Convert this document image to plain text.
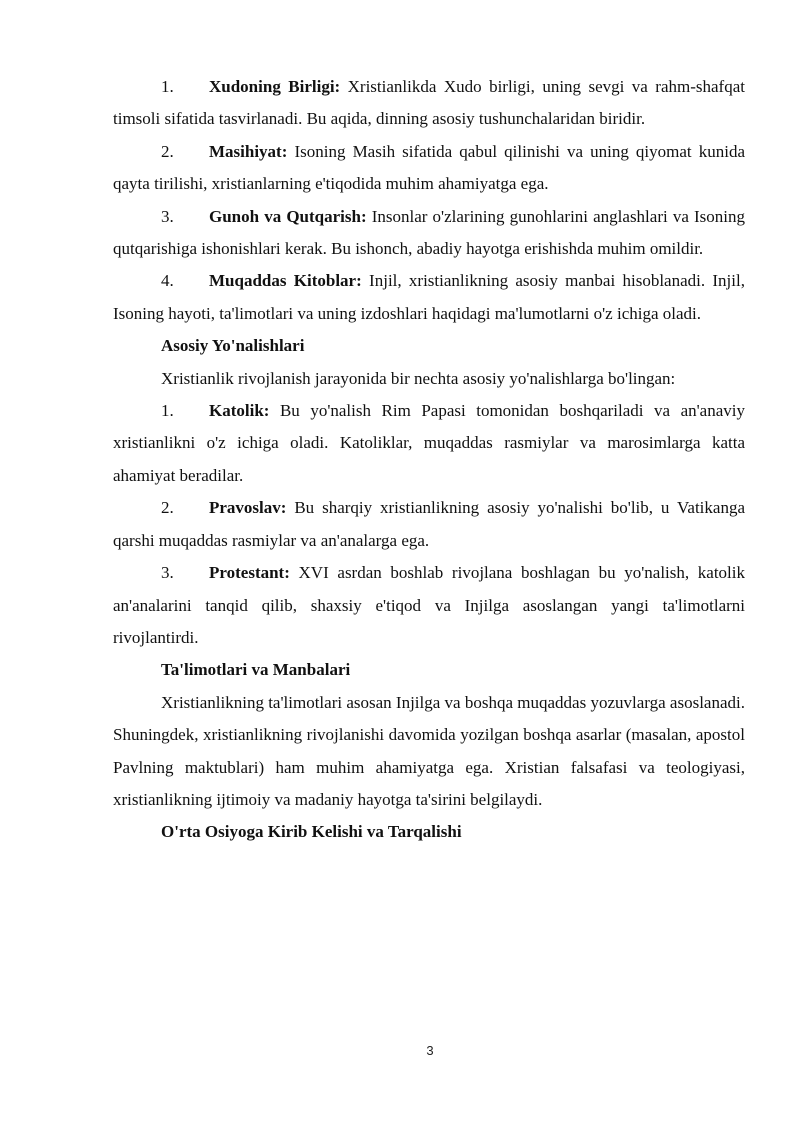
1. Xudoning Birligi: Xristianlikda Xudo birligi, uning sevgi va rahm-shafqat timsoli sifatida tasvirlanadi. Bu aqida, dinning asosiy tushunchalaridan biridir.

2. Masihiyat: Isoning Masih sifatida qabul qilinishi va uning qiyomat kunida qayta tirilishi, xristianlarning e'tiqodida muhim ahamiyatga ega.

3. Gunoh va Qutqarish: Insonlar o'zlarining gunohlarini anglashlari va Isoning qutqarishiga ishonishlari kerak. Bu ishonch, abadiy hayotga erishishda muhim omildir.

4. Muqaddas Kitoblar: Injil, xristianlikning asosiy manbai hisoblanadi. Injil, Isoning hayoti, ta'limotlari va uning izdoshlari haqidagi ma'lumotlarni o'z ichiga oladi.

Asosiy Yo'nalishlari

Xristianlik rivojlanish jarayonida bir nechta asosiy yo'nalishlarga bo'lingan:

1. Katolik: Bu yo'nalish Rim Papasi tomonidan boshqariladi va an'anaviy xristianlikni o'z ichiga oladi. Katoliklar, muqaddas rasmiylar va marosimlarga katta ahamiyat beradilar.

2. Pravoslav: Bu sharqiy xristianlikning asosiy yo'nalishi bo'lib, u Vatikanga qarshi muqaddas rasmiylar va an'analarga ega.

3. Protestant: XVI asrdan boshlab rivojlana boshlagan bu yo'nalish, katolik an'analarini tanqid qilib, shaxsiy e'tiqod va Injilga asoslangan yangi ta'limotlarni rivojlantirdi.

Ta'limotlari va Manbalari

Xristianlikning ta'limotlari asosan Injilga va boshqa muqaddas yozuvlarga asoslanadi. Shuningdek, xristianlikning rivojlanishi davomida yozilgan boshqa asarlar (masalan, apostol Pavlning maktublari) ham muhim ahamiyatga ega. Xristian falsafasi va teologiyasi, xristianlikning ijtimoiy va madaniy hayotga ta'sirini belgilaydi.

O'rta Osiyoga Kirib Kelishi va Tarqalishi

3
